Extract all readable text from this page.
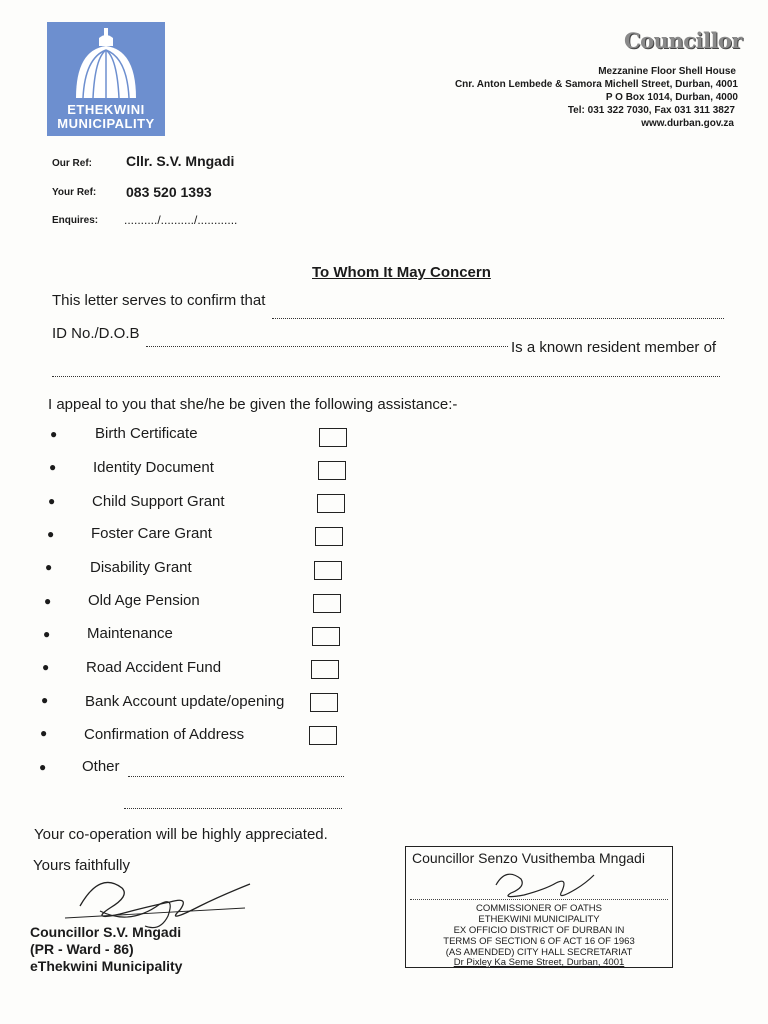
ETHEKWINI
MUNICIPALITY
Councillor
Mezzanine Floor Shell House
Cnr. Anton Lembede & Samora Michell Street, Durban, 4001
P O Box 1014, Durban, 4000
Tel: 031 322 7030, Fax 031 311 3827
www.durban.gov.za
Our Ref: Cllr. S.V. Mngadi
Your Ref: 083 520 1393
Enquires: ........../........../............
To Whom It May Concern
This letter serves to confirm that
ID No./D.O.B
Is a known resident member of
I appeal to you that she/he be given the following assistance:-
●	Birth Certificate
● Identity Document
● Child Support Grant
● Foster Care Grant
●	Disability Grant
● Old Age Pension
● Maintenance
● Road Accident Fund
● Bank Account update/opening
● Confirmation of Address
● Other
Your co-operation will be highly appreciated.
Yours faithfully
Councillor S.V. Mngadi
(PR - Ward - 86)
eThekwini Municipality
Councillor Senzo Vusithemba Mngadi
COMMISSIONER OF OATHS
ETHEKWINI MUNICIPALITY
EX OFFICIO DISTRICT OF DURBAN IN
TERMS OF SECTION 6 OF ACT 16 OF 1963
(AS AMENDED) CITY HALL SECRETARIAT
Dr Pixley Ka Seme Street, Durban, 4001
